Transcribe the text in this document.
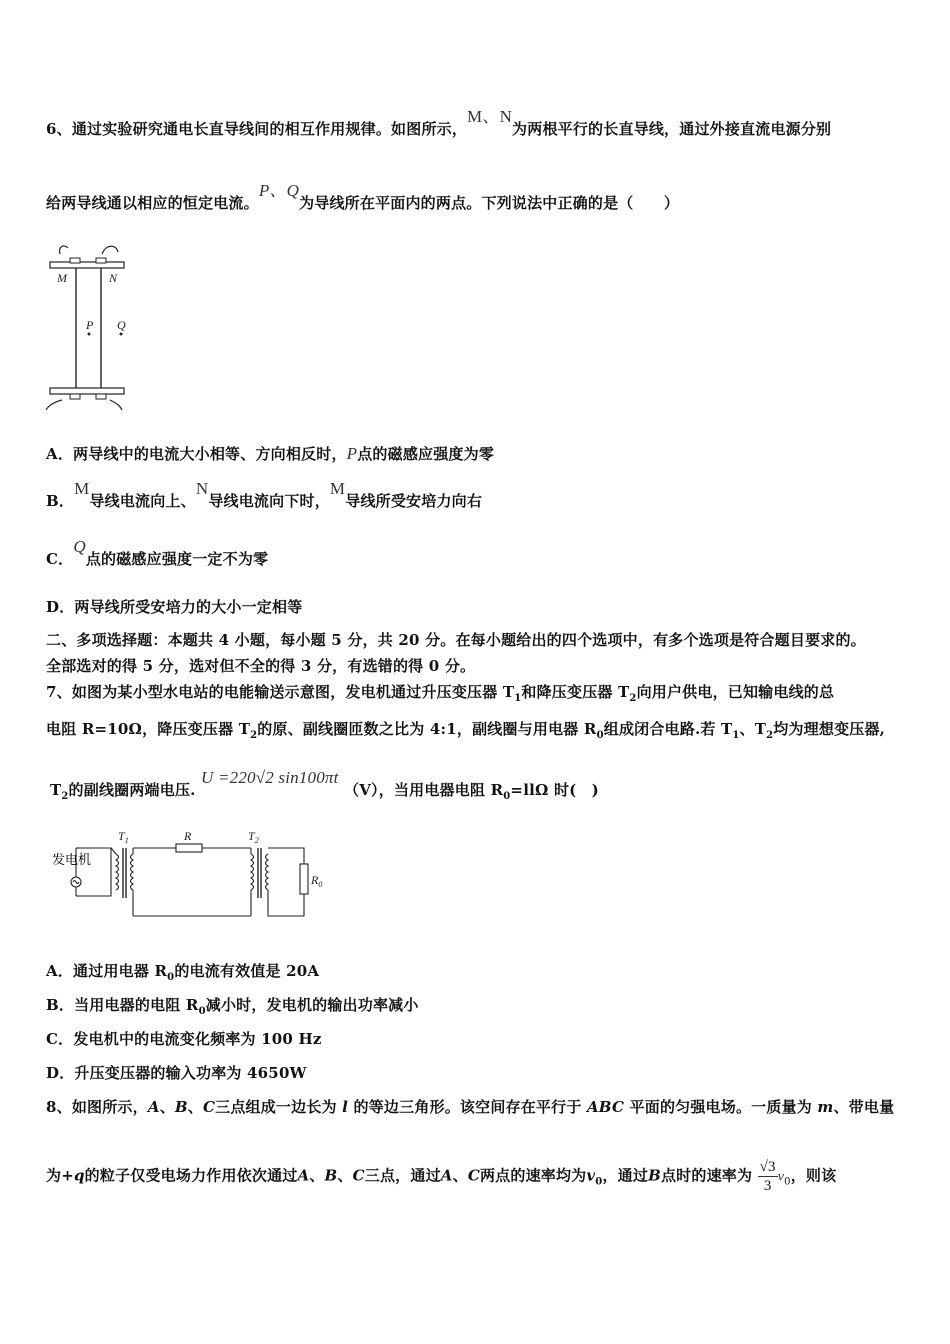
6、通过实验研究通电长直导线间的相互作用规律。如图所示，M、N为两根平行的长直导线，通过外接直流电源分别
给两导线通以相应的恒定电流。P、Q为导线所在平面内的两点。下列说法中正确的是（　　）
M	N
P Q
A．两导线中的电流大小相等、方向相反时，P点的磁感应强度为零
B．M导线电流向上、N导线电流向下时，M导线所受安培力向右
C．Q点的磁感应强度一定不为零
D．两导线所受安培力的大小一定相等
二、多项选择题：本题共 4 小题，每小题 5 分，共 20 分。在每小题给出的四个选项中，有多个选项是符合题目要求的。
全部选对的得 5 分，选对但不全的得 3 分，有选错的得 0 分。
7、如图为某小型水电站的电能输送示意图，发电机通过升压变压器 $T_1$和降压变压器 $T_2$向用户供电，已知输电线的总
电阻 R=10Ω，降压变压器 $T_2$的原、副线圈匝数之比为 4:1，副线圈与用电器 $R_0$组成闭合电路.若 $T_1$、$T_2$均为理想变压器,
$T_2$的副线圈两端电压. U =220√2 sin100πt （V），当用电器电阻 $R_0=ll\Omega$ 时(　)
发电机
$T_1$	R	$T_2$
$R_0$
A．通过用电器 $R_0$的电流有效值是 20A
B．当用电器的电阻 $R_0$减小时，发电机的输出功率减小
C．发电机中的电流变化频率为 100 Hz
D．升压变压器的输入功率为 4650W
8、如图所示，A、B、C三点组成一边长为 l 的等边三角形。该空间存在平行于 ABC 平面的匀强电场。一质量为 m、带电量
为+q的粒子仅受电场力作用依次通过A、B、C三点，通过A、C两点的速率均为$v_0$，通过B点时的速率为 $\frac{√3}{3} v_0$，则该
